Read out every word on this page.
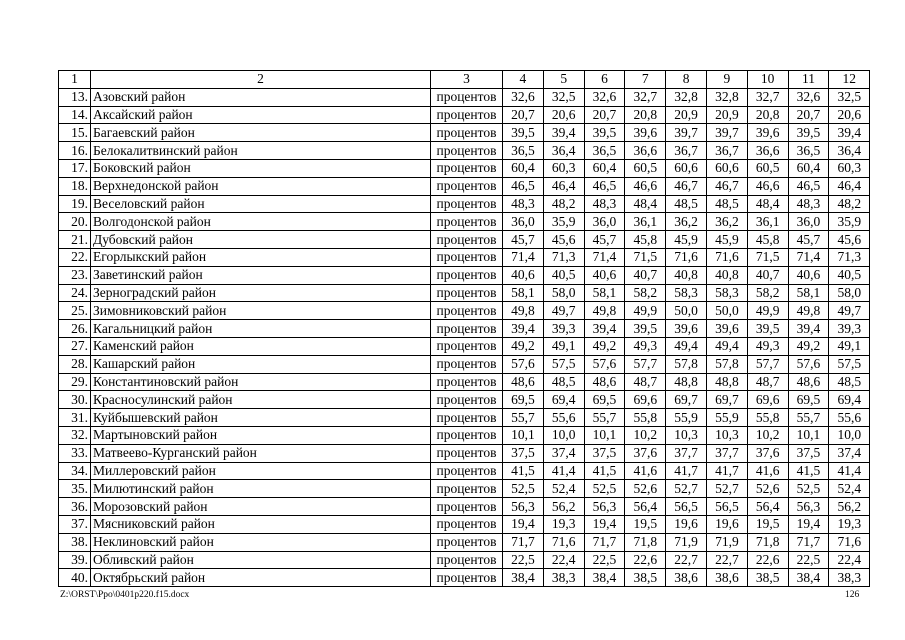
1	2	3	4	5	6	7	8	9	10	11	12
13.	Азовский район	процентов	32,6	32,5	32,6	32,7	32,8	32,8	32,7	32,6	32,5
14.	Аксайский район	процентов	20,7	20,6	20,7	20,8	20,9	20,9	20,8	20,7	20,6
15.	Багаевский район	процентов	39,5	39,4	39,5	39,6	39,7	39,7	39,6	39,5	39,4
16.	Белокалитвинский район	процентов	36,5	36,4	36,5	36,6	36,7	36,7	36,6	36,5	36,4
17.	Боковский район	процентов	60,4	60,3	60,4	60,5	60,6	60,6	60,5	60,4	60,3
18.	Верхнедонской район	процентов	46,5	46,4	46,5	46,6	46,7	46,7	46,6	46,5	46,4
19.	Веселовский район	процентов	48,3	48,2	48,3	48,4	48,5	48,5	48,4	48,3	48,2
20.	Волгодонской район	процентов	36,0	35,9	36,0	36,1	36,2	36,2	36,1	36,0	35,9
21.	Дубовский район	процентов	45,7	45,6	45,7	45,8	45,9	45,9	45,8	45,7	45,6
22.	Егорлыкский район	процентов	71,4	71,3	71,4	71,5	71,6	71,6	71,5	71,4	71,3
23.	Заветинский район	процентов	40,6	40,5	40,6	40,7	40,8	40,8	40,7	40,6	40,5
24.	Зерноградский район	процентов	58,1	58,0	58,1	58,2	58,3	58,3	58,2	58,1	58,0
25.	Зимовниковский район	процентов	49,8	49,7	49,8	49,9	50,0	50,0	49,9	49,8	49,7
26.	Кагальницкий район	процентов	39,4	39,3	39,4	39,5	39,6	39,6	39,5	39,4	39,3
27.	Каменский район	процентов	49,2	49,1	49,2	49,3	49,4	49,4	49,3	49,2	49,1
28.	Кашарский район	процентов	57,6	57,5	57,6	57,7	57,8	57,8	57,7	57,6	57,5
29.	Константиновский район	процентов	48,6	48,5	48,6	48,7	48,8	48,8	48,7	48,6	48,5
30.	Красносулинский район	процентов	69,5	69,4	69,5	69,6	69,7	69,7	69,6	69,5	69,4
31.	Куйбышевский район	процентов	55,7	55,6	55,7	55,8	55,9	55,9	55,8	55,7	55,6
32.	Мартыновский район	процентов	10,1	10,0	10,1	10,2	10,3	10,3	10,2	10,1	10,0
33.	Матвеево-Курганский район	процентов	37,5	37,4	37,5	37,6	37,7	37,7	37,6	37,5	37,4
34.	Миллеровский район	процентов	41,5	41,4	41,5	41,6	41,7	41,7	41,6	41,5	41,4
35.	Милютинский район	процентов	52,5	52,4	52,5	52,6	52,7	52,7	52,6	52,5	52,4
36.	Морозовский район	процентов	56,3	56,2	56,3	56,4	56,5	56,5	56,4	56,3	56,2
37.	Мясниковский район	процентов	19,4	19,3	19,4	19,5	19,6	19,6	19,5	19,4	19,3
38.	Неклиновский район	процентов	71,7	71,6	71,7	71,8	71,9	71,9	71,8	71,7	71,6
39.	Обливский район	процентов	22,5	22,4	22,5	22,6	22,7	22,7	22,6	22,5	22,4
40.	Октябрьский район	процентов	38,4	38,3	38,4	38,5	38,6	38,6	38,5	38,4	38,3
Z:\ORST\Ppo\0401p220.f15.docx	126
